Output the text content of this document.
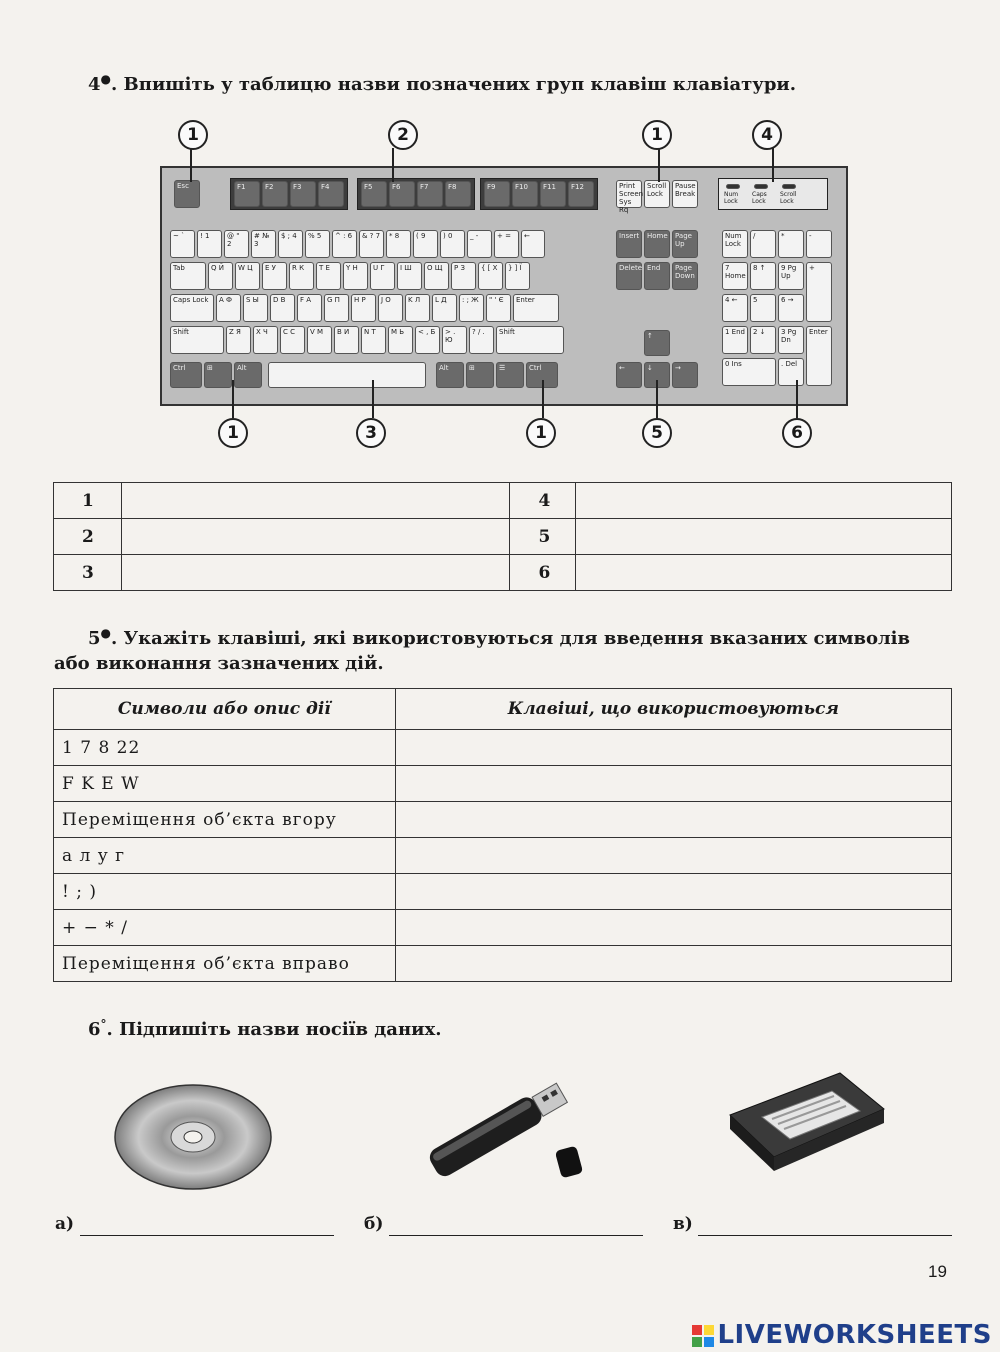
4●. Впишіть у таблицю назви позначених груп клавіш клавіатури.
Esc	F1	F2	F3	F4	F5	F6	F7	F8	F9	F10	F11	F12	Print Screen Sys Rq
Scroll Lock
Pause Break	Num Lock
Caps Lock
Scroll Lock
~ `	! 1	@ " 2
# № 3
$ ; 4	% 5	^ : 6	& ? 7	* 8	( 9	) 0	_ -	+ =	←
Tab	Q Й	W Ц	E У	R К	T Е	Y Н	U Г	I Ш	O Щ	P З	{ [ Х	} ] Ї
Caps Lock	A Ф	S Ы	D В	F А	G П	H Р	J О	K Л	L Д	: ; Ж	" ' Є	Enter
Shift	Z Я	X Ч	C С	V М	B И	N Т	M Ь	< , Б	> . Ю
? / .	Shift
Ctrl	⊞	Alt	Alt	⊞	☰	Ctrl
Insert	Home	Page Up
Delete End	Page Down
↑
←	↓	→
Num Lock
/	*	-
7 Home
8 ↑	9 Pg Up
+
4 ←	5	6 →
1 End	2 ↓	3 Pg Dn
Enter
0 Ins	. Del
1	2	1	4
1	3	1	5	6
1		4	
2		5	
3		6	
5●. Укажіть клавіші, які використовуються для введення вказаних символів
або виконання зазначених дій.
Символи або опис дії	Клавіші, що використовуються
1 7 8 22	
F K E W	
Переміщення об’єкта вгору	
а л у г	
! ; )	
+ − * /	
Переміщення об’єкта вправо	
6°. Підпишіть назви носіїв даних.
а)	б)	в)
19
LIVEWORKSHEETS
